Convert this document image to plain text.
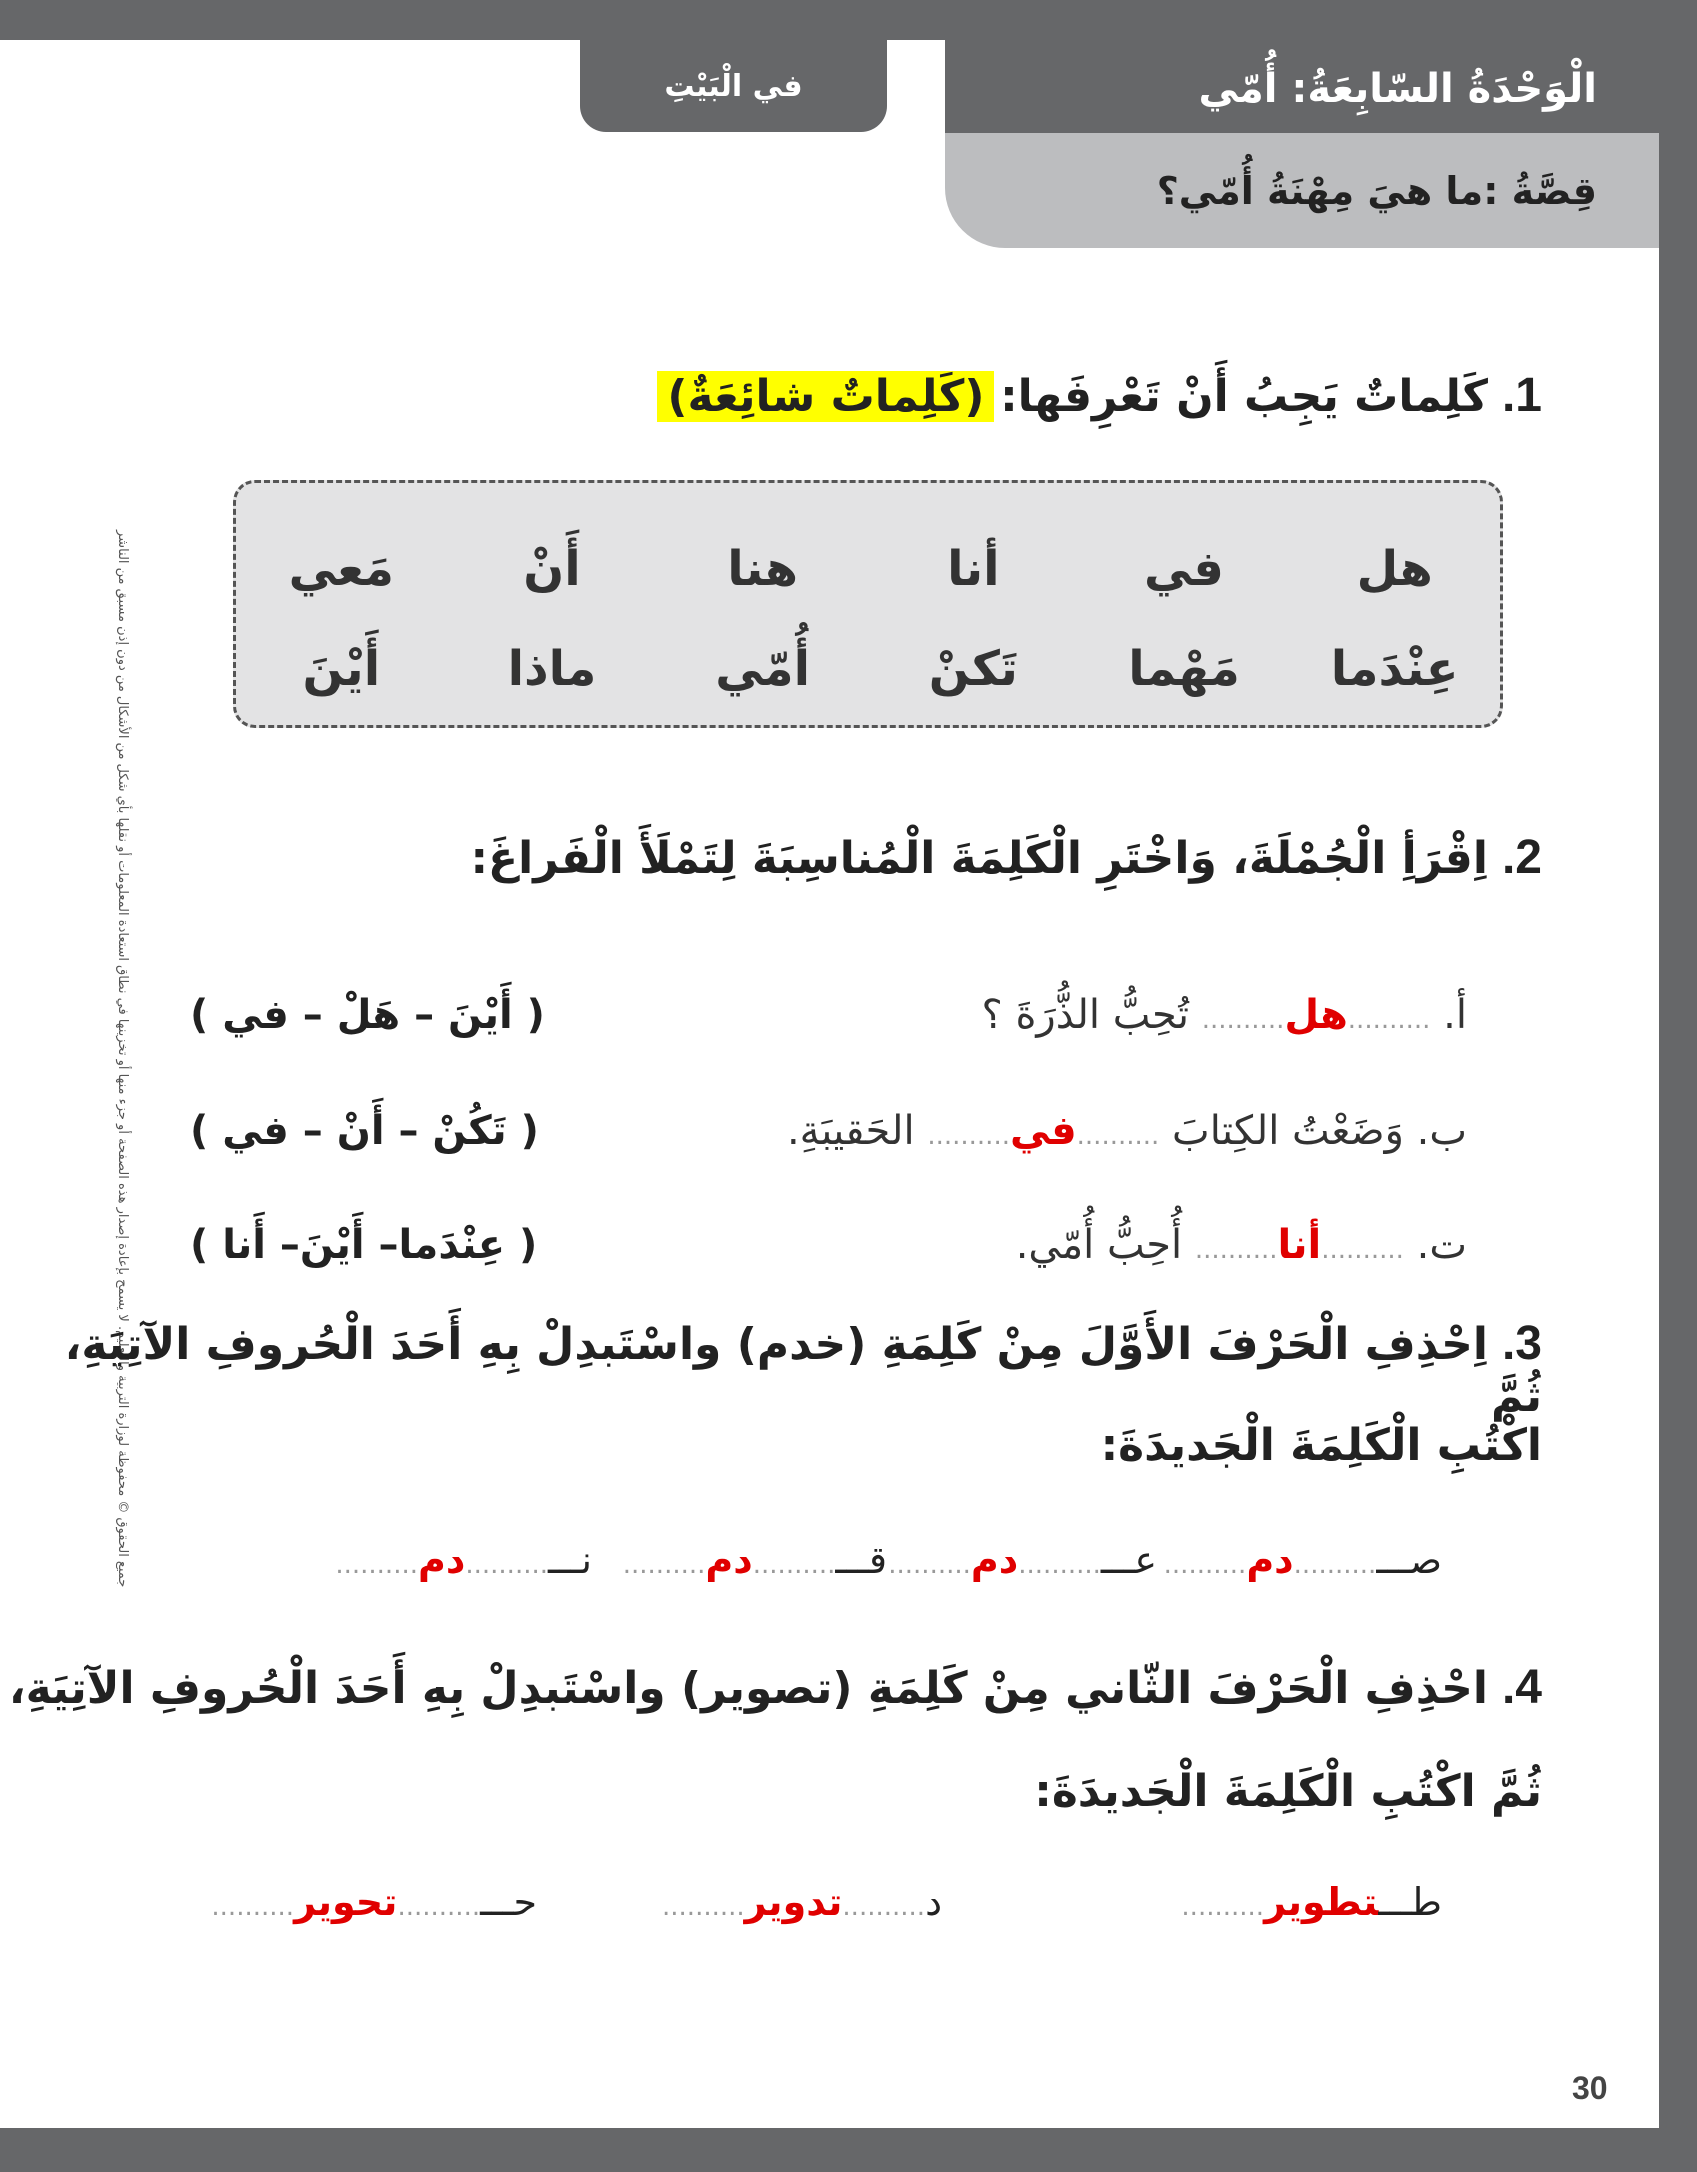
الْوَحْدَةُ السّابِعَةُ: أُمّي
في الْبَيْتِ
قِصَّةُ :ما هيَ مِهْنَةُ أُمّي؟
جميع الحقوق © محفوظة لوزارة التربية والتعليم. لا يسمح بإعادة إصدار هذه الصفحة أو جزء منها أو تخزينها في نطاق استعادة المعلومات أو نقلها بأي شكل من الأشكال من دون إذن مسبق من الناشر
1.كَلِماتٌ يَجِبُ أَنْ تَعْرِفَها: (كَلِماتٌ شائِعَةٌ)
هل
في
أنا
هنا
أَنْ
مَعي
عِنْدَما
مَهْما
تَكنْ
أُمّي
ماذا
أَيْنَ
2.اِقْرَأِ الْجُمْلَةَ، وَاخْتَرِ الْكَلِمَةَ الْمُناسِبَةَ لِتَمْلَأَ الْفَراغَ:
أ. ..........هل.......... تُحِبُّ الذُّرَةَ ؟
( أَيْنَ – هَلْ – في )
ب. وَضَعْتُ الكِتابَ ..........في.......... الحَقيبَةِ.
( تَكُنْ – أَنْ – في )
ت. ..........أنا.......... أُحِبُّ أُمّي.
( عِنْدَما– أَيْنَ– أَنا )
3.اِحْذِفِ الْحَرْفَ الأَوَّلَ مِنْ كَلِمَةِ (خدم) واسْتَبدِلْ بِهِ أَحَدَ الْحُروفِ الآتِيَةِ، ثُمَّ
اكْتُبِ الْكَلِمَةَ الْجَديدَةَ:
صـــ..........دم..........
عـــ..........دم..........
قـــ..........دم..........
نـــ..........دم..........
4.احْذِفِ الْحَرْفَ الثّاني مِنْ كَلِمَةِ (تصوير) واسْتَبدِلْ بِهِ أَحَدَ الْحُروفِ الآتِيَةِ،
ثُمَّ اكْتُبِ الْكَلِمَةَ الْجَديدَةَ:
طـــتطوير..........
د..........تدوير..........
حـــ..........تحوير..........
30
